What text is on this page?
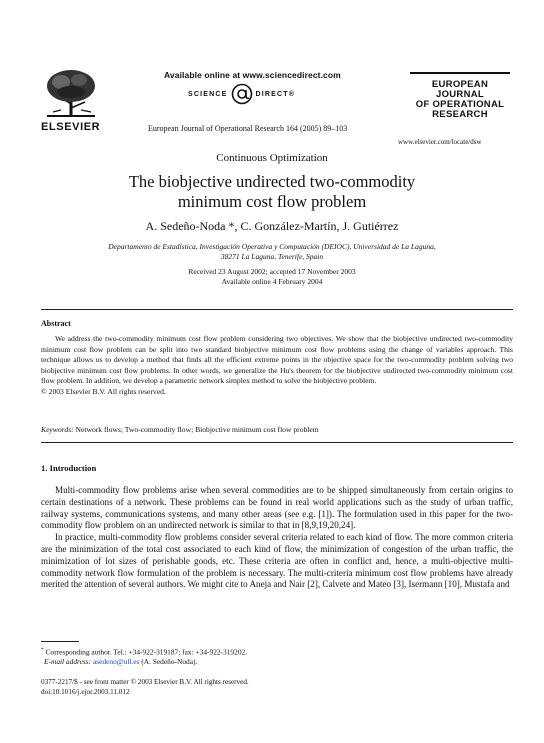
Available online at www.sciencedirect.com
SCIENCE	DIRECT®
ELSEVIER	European Journal of Operational Research 164 (2005) 89–103
EUROPEAN
JOURNAL
OF OPERATIONAL
RESEARCH
www.elsevier.com/locate/dsw
Continuous Optimization
The biobjective undirected two-commodity
minimum cost flow problem
A. Sedeño-Noda *, C. González-Martín, J. Gutiérrez
Departamento de Estadística, Investigación Operativa y Computación (DEIOC), Universidad de La Laguna,
38271 La Laguna, Tenerife, Spain
Received 23 August 2002; accepted 17 November 2003
Available online 4 February 2004
Abstract

We address the two-commodity minimum cost flow problem considering two objectives. We show that the biobjective undirected two-commodity minimum cost flow problem can be split into two standard biobjective minimum cost flow problems using the change of variables approach. This technique allows us to develop a method that finds all the efficient extreme points in the objective space for the two-commodity problem solving two biobjective minimum cost flow problems. In other words, we generalize the Hu's theorem for the biobjective undirected two-commodity minimum cost flow problem. In addition, we develop a parametric network simplex method to solve the biobjective problem.

© 2003 Elsevier B.V. All rights reserved.
Keywords: Network flows; Two-commodity flow; Biobjective minimum cost flow problem
1. Introduction

Multi-commodity flow problems arise when several commodities are to be shipped simultaneously from certain origins to certain destinations of a network. These problems can be found in real world applications such as the study of urban traffic, railway systems, communications systems, and many other areas (see e.g. [1]). The formulation used in this paper for the two-commodity flow problem on an undirected network is similar to that in [8,9,19,20,24].

In practice, multi-commodity flow problems consider several criteria related to each kind of flow. The more common criteria are the minimization of the total cost associated to each kind of flow, the minimization of congestion of the urban traffic, the minimization of lot sizes of perishable goods, etc. These criteria are often in conflict and, hence, a multi-objective multi-commodity network flow formulation of the problem is necessary. The multi-criteria minimum cost flow problems have already merited the attention of several authors. We might cite to Aneja and Nair [2], Calvete and Mateo [3], Isermann [10], Mustafa and

* Corresponding author. Tel.: +34-922-319187; fax: +34-922-319202.
E-mail address: asedeno@ull.es (A. Sedeño-Noda).
0377-2217/$ - see front matter © 2003 Elsevier B.V. All rights reserved.
doi:10.1016/j.ejor.2003.11.012
